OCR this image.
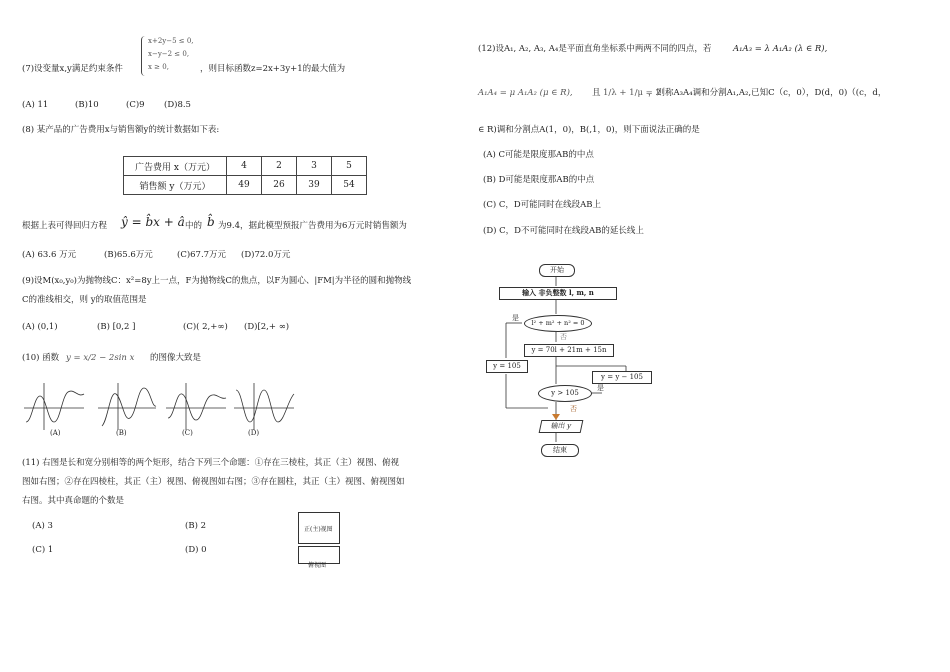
x+2y−5 ≤ 0,
x−y−2 ≤ 0,
x ≥ 0,
(7)设变量x,y满足约束条件	，则目标函数z=2x+3y+1的最大值为
(A) 11	(B)10	(C)9 (D)8.5
(8) 某产品的广告费用x与销售额y的统计数据如下表:
广告费用 x（万元）	4	2	3	5
销售额 y（万元）	49	26	39	54
根据上表可得回归方程 ŷ = b̂x + â 中的 b̂ 为9.4，据此模型预报广告费用为6万元时销售额为
(A) 63.6 万元	(B)65.6万元	(C)67.7万元 (D)72.0万元
(9)设M(x₀,y₀)为抛物线C：x²=8y上一点，F为抛物线C的焦点，以F为圆心、|FM|为半径的圆和抛物线
C的准线相交，则 y的取值范围是
(A) (0,1)	(B) [0,2 ]	(C)( 2,+∞) (D)[2,+ ∞)
(10) 函数 y = x/2 − 2sin x 的图像大致是
(A)	(B)	(C)	(D)
(11) 右图是长和宽分别相等的两个矩形，结合下列三个命题：①存在三棱柱，其正（主）视图、俯视
图如右图；②存在四棱柱，其正（主）视图、俯视图如右图；③存在圆柱，其正（主）视图、俯视图如
右图。其中真命题的个数是
(A) 3	(B) 2
(C) 1	(D) 0
正(主)视图
俯视图
(12)设A₁, A₂, A₃, A₄是平面直角坐标系中两两不同的四点，若	A₁A₃ = λ A₁A₂ (λ ∈ R),
A₁A₄ = μ A₁A₂ (μ ∈ R), 且 1/λ + 1/μ = 2
，则称A₃A₄调和分割A₁,A₂,已知C（c，0），D(d，0)（(c，d，
∈ R)调和分割点A(1，0)，B(,1，0)，则下面说法正确的是
(A) C可能是限度那AB的中点
(B) D可能是限度那AB的中点
(C) C，D可能同时在线段AB上
(D) C，D不可能同时在线段AB的延长线上
开始
输入 非负整数 l, m, n
l² + m² + n² = 0
是
否
y = 70l + 21m + 15n
y = 105
y = y − 105
y > 105
是
否
输出 y
结束
